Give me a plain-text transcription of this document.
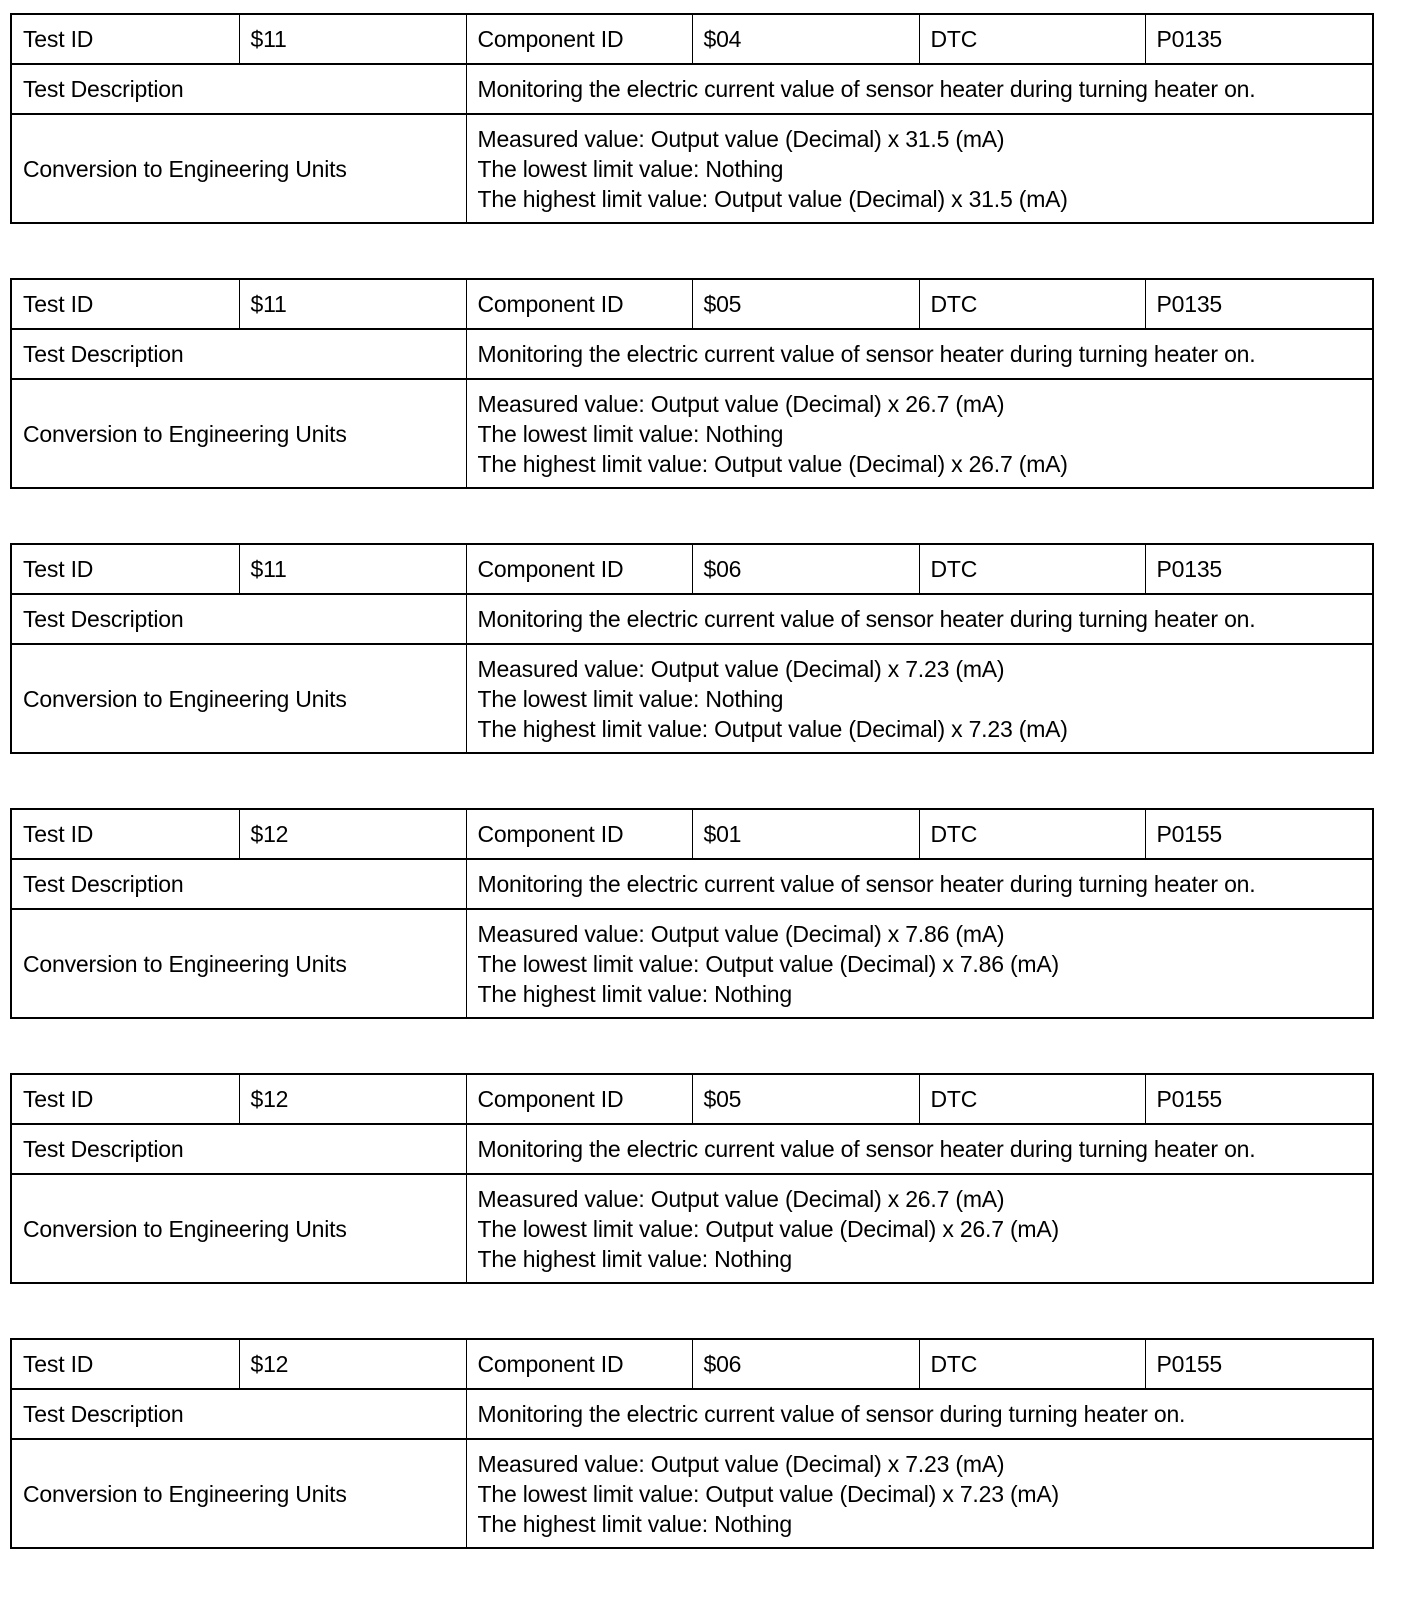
Test ID	$11	Component ID	$04	DTC	P0135
Test Description		Monitoring the electric current value of sensor heater during turning heater on.			
Conversion to Engineering Units		Measured value: Output value (Decimal) x 31.5 (mA)
The lowest limit value: Nothing
The highest limit value: Output value (Decimal) x 31.5 (mA)			
Test ID	$11	Component ID	$05	DTC	P0135
Test Description		Monitoring the electric current value of sensor heater during turning heater on.			
Conversion to Engineering Units		Measured value: Output value (Decimal) x 26.7 (mA)
The lowest limit value: Nothing
The highest limit value: Output value (Decimal) x 26.7 (mA)			
Test ID	$11	Component ID	$06	DTC	P0135
Test Description		Monitoring the electric current value of sensor heater during turning heater on.			
Conversion to Engineering Units		Measured value: Output value (Decimal) x 7.23 (mA)
The lowest limit value: Nothing
The highest limit value: Output value (Decimal) x 7.23 (mA)			
Test ID	$12	Component ID	$01	DTC	P0155
Test Description		Monitoring the electric current value of sensor heater during turning heater on.			
Conversion to Engineering Units		Measured value: Output value (Decimal) x 7.86 (mA)
The lowest limit value: Output value (Decimal) x 7.86 (mA)
The highest limit value: Nothing			
Test ID	$12	Component ID	$05	DTC	P0155
Test Description		Monitoring the electric current value of sensor heater during turning heater on.			
Conversion to Engineering Units		Measured value: Output value (Decimal) x 26.7 (mA)
The lowest limit value: Output value (Decimal) x 26.7 (mA)
The highest limit value: Nothing			
Test ID	$12	Component ID	$06	DTC	P0155
Test Description		Monitoring the electric current value of sensor during turning heater on.			
Conversion to Engineering Units		Measured value: Output value (Decimal) x 7.23 (mA)
The lowest limit value: Output value (Decimal) x 7.23 (mA)
The highest limit value: Nothing			
